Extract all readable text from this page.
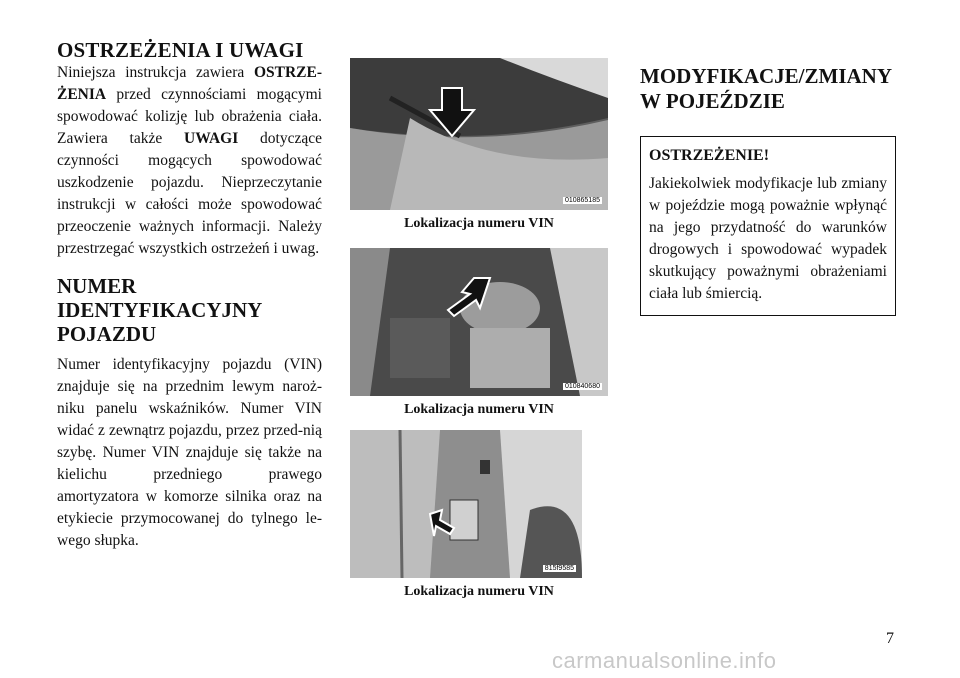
OSTRZEŻENIA I UWAGI

Niniejsza instrukcja zawiera OSTRZE-ŻENIA przed czynnościami mogącymi spowodować kolizję lub obrażenia ciała. Zawiera także UWAGI dotyczące czynności mogących spowodować uszkodzenie pojazdu. Nieprzeczytanie instrukcji w całości może spowodować przeoczenie ważnych informacji. Należy przestrzegać wszystkich ostrzeżeń i uwag.

NUMER IDENTYFIKACYJNY POJAZDU

Numer identyfikacyjny pojazdu (VIN) znajduje się na przednim lewym naroż-niku panelu wskaźników. Numer VIN widać z zewnątrz pojazdu, przez przed-nią szybę. Numer VIN znajduje się także na kielichu przedniego prawego amortyzatora w komorze silnika oraz na etykiecie przymocowanej do tylnego le-wego słupka.

010865185

Lokalizacja numeru VIN

010840680

Lokalizacja numeru VIN

815f9585

Lokalizacja numeru VIN

MODYFIKACJE/ZMIANY W POJEŹDZIE

OSTRZEŻENIE!

Jakiekolwiek modyfikacje lub zmiany w pojeździe mogą poważnie wpłynąć na jego przydatność do warunków drogowych i spowodować wypadek skutkujący poważnymi obrażeniami ciała lub śmiercią.

7
carmanualsonline.info
